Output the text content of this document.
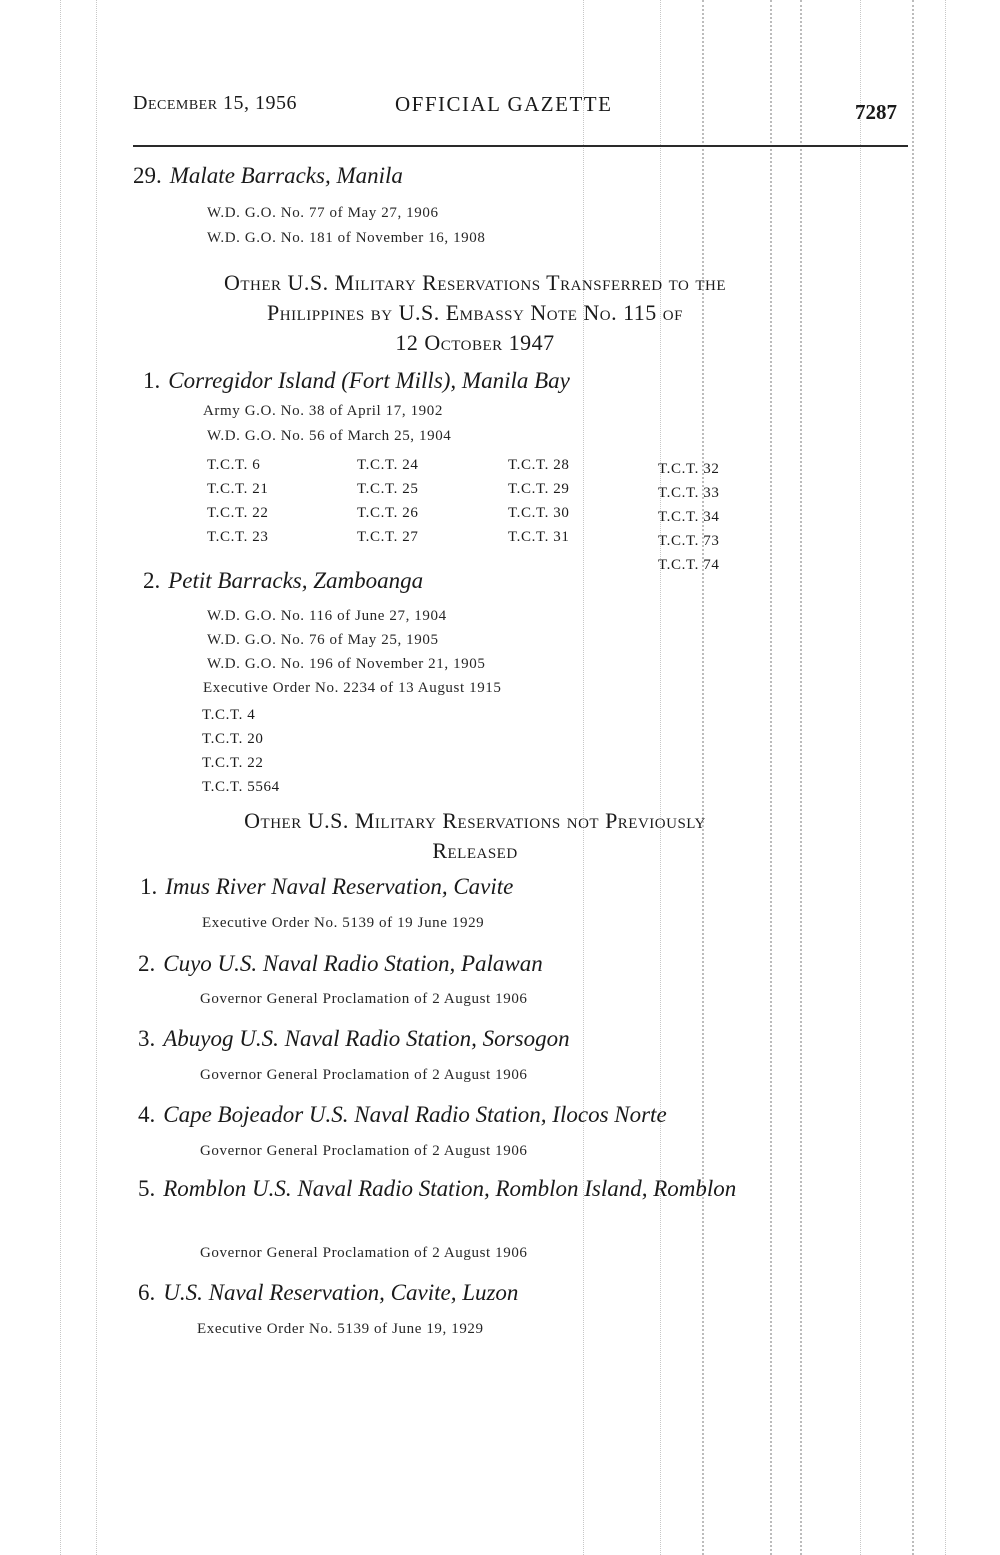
December 15, 1956	OFFICIAL GAZETTE	7287
29. Malate Barracks, Manila
W.D. G.O. No. 77 of May 27, 1906
W.D. G.O. No. 181 of November 16, 1908
Other U.S. Military Reservations Transferred to the
Philippines by U.S. Embassy Note No. 115 of
12 October 1947
1. Corregidor Island (Fort Mills), Manila Bay
Army G.O. No. 38 of April 17, 1902
W.D. G.O. No. 56 of March 25, 1904
T.C.T. 6
T.C.T. 21
T.C.T. 22
T.C.T. 23
T.C.T. 24
T.C.T. 25
T.C.T. 26
T.C.T. 27
T.C.T. 28
T.C.T. 29
T.C.T. 30
T.C.T. 31
T.C.T. 32
T.C.T. 33
T.C.T. 34
T.C.T. 73
T.C.T. 74
2. Petit Barracks, Zamboanga
W.D. G.O. No. 116 of June 27, 1904
W.D. G.O. No. 76 of May 25, 1905
W.D. G.O. No. 196 of November 21, 1905
Executive Order No. 2234 of 13 August 1915
T.C.T. 4
T.C.T. 20
T.C.T. 22
T.C.T. 5564
Other U.S. Military Reservations not Previously
Released
1. Imus River Naval Reservation, Cavite
Executive Order No. 5139 of 19 June 1929
2. Cuyo U.S. Naval Radio Station, Palawan
Governor General Proclamation of 2 August 1906
3. Abuyog U.S. Naval Radio Station, Sorsogon
Governor General Proclamation of 2 August 1906
4. Cape Bojeador U.S. Naval Radio Station, Ilocos Norte
Governor General Proclamation of 2 August 1906
5. Romblon U.S. Naval Radio Station, Romblon Island, Romblon
Governor General Proclamation of 2 August 1906
6. U.S. Naval Reservation, Cavite, Luzon
Executive Order No. 5139 of June 19, 1929
